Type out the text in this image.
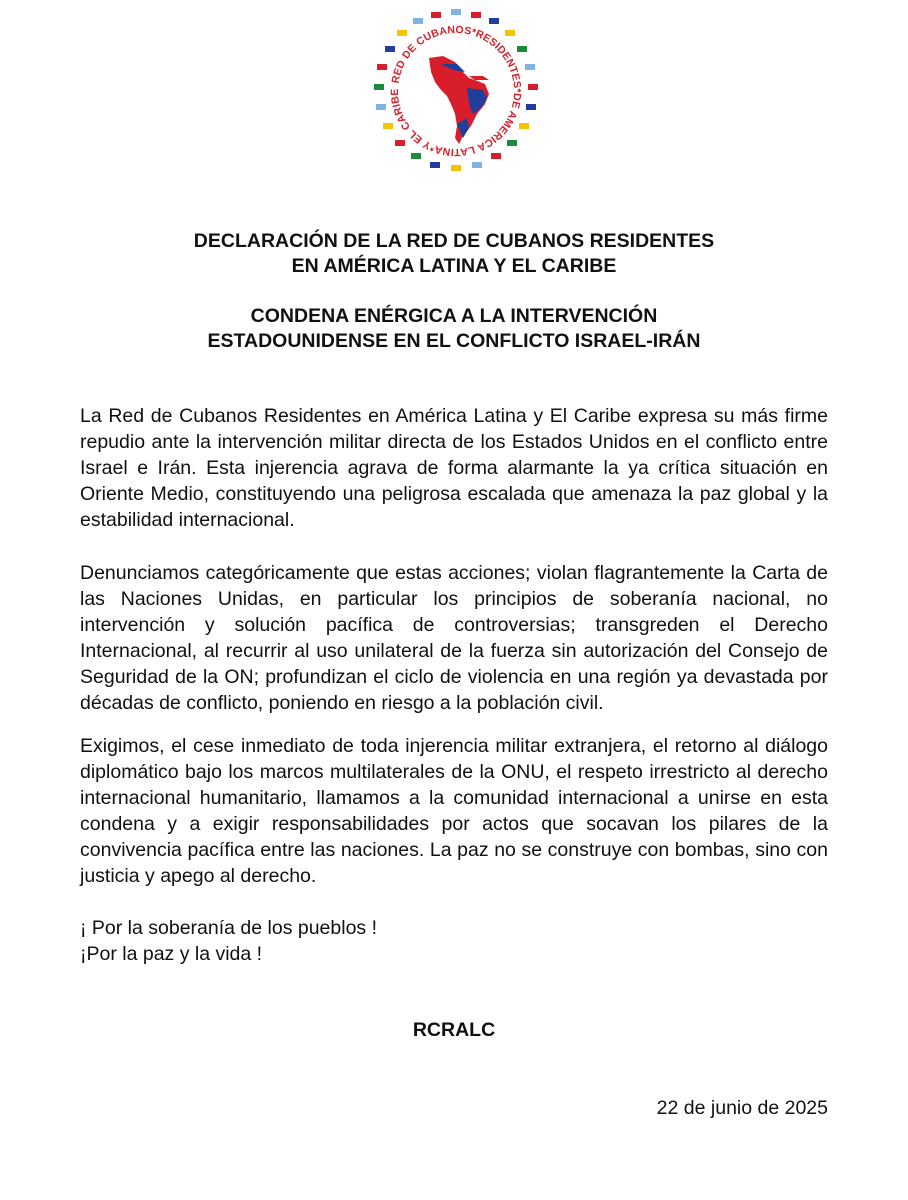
RED DE CUBANOS*RESIDENTES*DE AMERICA LATINA*Y EL CARIBE
DECLARACIÓN DE LA RED DE CUBANOS RESIDENTES
EN AMÉRICA LATINA Y EL CARIBE
CONDENA ENÉRGICA A LA INTERVENCIÓN
ESTADOUNIDENSE EN EL CONFLICTO ISRAEL-IRÁN

La Red de Cubanos Residentes en América Latina y El Caribe expresa su más firme repudio ante la intervención militar directa de los Estados Unidos en el conflicto entre Israel e Irán. Esta injerencia agrava de forma alarmante la ya crítica situación en Oriente Medio, constituyendo una peligrosa escalada que amenaza la paz global y la estabilidad internacional.

Denunciamos categóricamente que estas acciones; violan flagrantemente la Carta de las Naciones Unidas, en particular los principios de soberanía nacional, no intervención y solución pacífica de controversias; transgreden el Derecho Internacional, al recurrir al uso unilateral de la fuerza sin autorización del Consejo de Seguridad de la ON; profundizan el ciclo de violencia en una región ya devastada por décadas de conflicto, poniendo en riesgo a la población civil.

Exigimos, el cese inmediato de toda injerencia militar extranjera, el retorno al diálogo diplomático bajo los marcos multilaterales de la ONU, el respeto irrestricto al derecho internacional humanitario, llamamos a la comunidad internacional a unirse en esta condena y a exigir responsabilidades por actos que socavan los pilares de la convivencia pacífica entre las naciones. La paz no se construye con bombas, sino con justicia y apego al derecho.

¡ Por la soberanía de los pueblos !
¡Por la paz y la vida !
RCRALC
22 de junio de 2025
